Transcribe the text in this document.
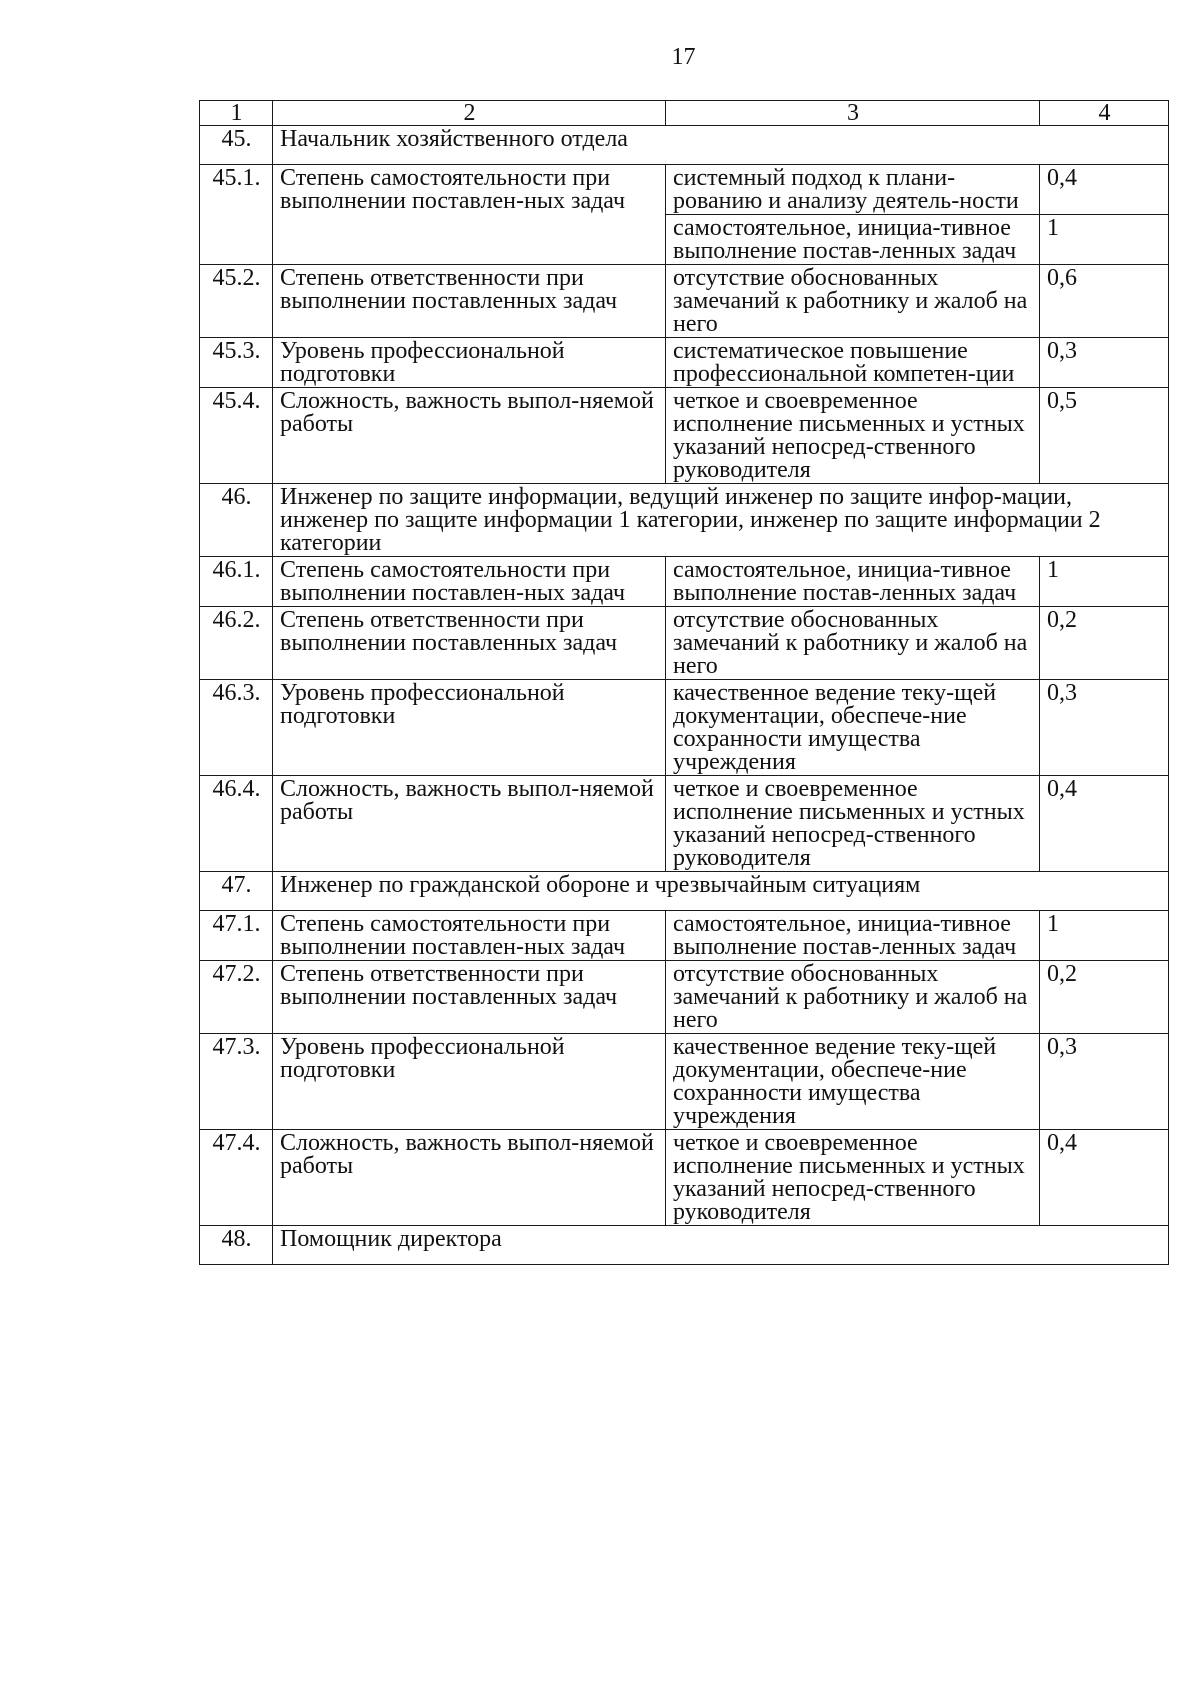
17
1	2	3	4
45.	Начальник хозяйственного отдела		
45.1.	Степень самостоятельности при выполнении поставлен-ных задач	системный подход к плани-рованию и анализу деятель-ности	0,4
		самостоятельное, инициа-тивное выполнение постав-ленных задач	1
45.2.	Степень ответственности при выполнении поставленных задач	отсутствие обоснованных замечаний к работнику и жалоб на него	0,6
45.3.	Уровень профессиональной подготовки	систематическое повышение профессиональной компетен-ции	0,3
45.4.	Сложность, важность выпол-няемой работы	четкое и своевременное исполнение письменных и устных указаний непосред-ственного руководителя	0,5
46.	Инженер по защите информации, ведущий инженер по защите инфор-мации, инженер по защите информации 1 категории, инженер по защите информации 2 категории		
46.1.	Степень самостоятельности при выполнении поставлен-ных задач	самостоятельное, инициа-тивное выполнение постав-ленных задач	1
46.2.	Степень ответственности при выполнении поставленных задач	отсутствие обоснованных замечаний к работнику и жалоб на него	0,2
46.3.	Уровень профессиональной подготовки	качественное ведение теку-щей документации, обеспече-ние сохранности имущества учреждения	0,3
46.4.	Сложность, важность выпол-няемой работы	четкое и своевременное исполнение письменных и устных указаний непосред-ственного руководителя	0,4
47.	Инженер по гражданской обороне и чрезвычайным ситуациям		
47.1.	Степень самостоятельности при выполнении поставлен-ных задач	самостоятельное, инициа-тивное выполнение постав-ленных задач	1
47.2.	Степень ответственности при выполнении поставленных задач	отсутствие обоснованных замечаний к работнику и жалоб на него	0,2
47.3.	Уровень профессиональной подготовки	качественное ведение теку-щей документации, обеспече-ние сохранности имущества учреждения	0,3
47.4.	Сложность, важность выпол-няемой работы	четкое и своевременное исполнение письменных и устных указаний непосред-ственного руководителя	0,4
48.	Помощник директора		
